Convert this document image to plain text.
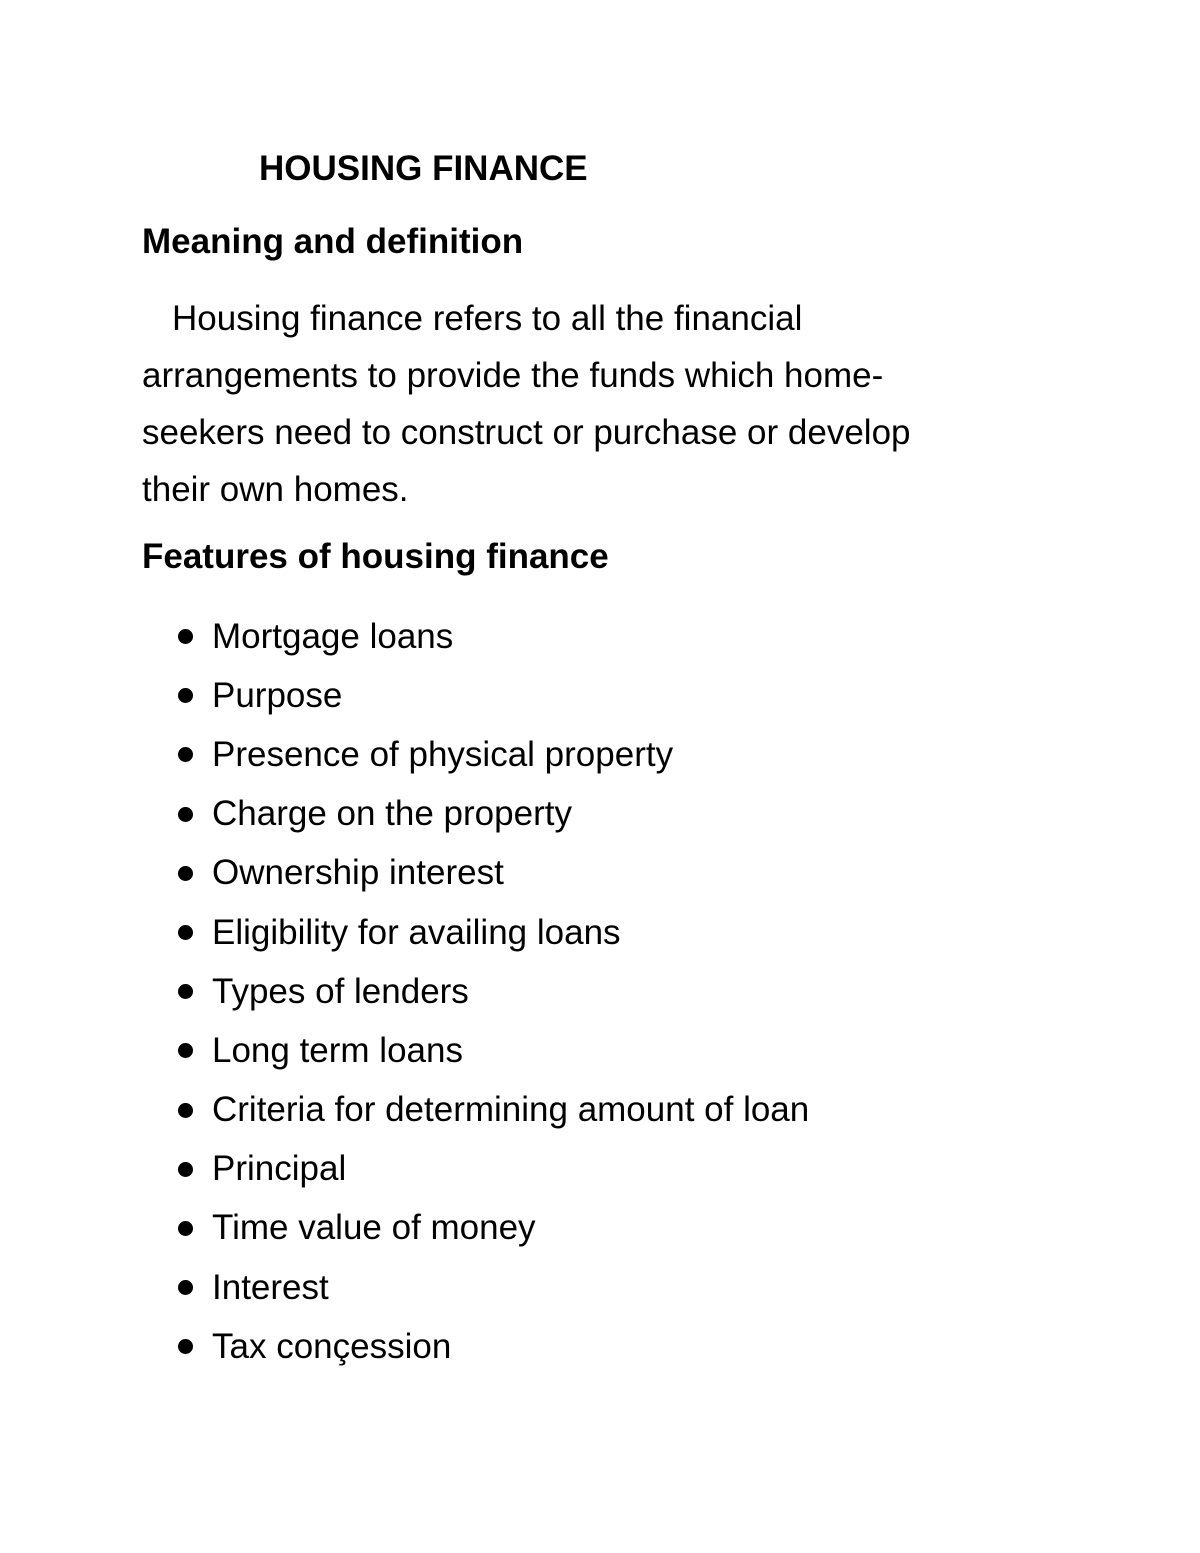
HOUSING FINANCE
Meaning and definition

Housing finance refers to all the financial
arrangements to provide the funds which home-
seekers need to construct or purchase or develop
their own homes.

Features of housing finance
Mortgage loans
Purpose
Presence of physical property
Charge on the property
Ownership interest
Eligibility for availing loans
Types of lenders
Long term loans
Criteria for determining amount of loan
Principal
Time value of money
Interest
Tax conçession
